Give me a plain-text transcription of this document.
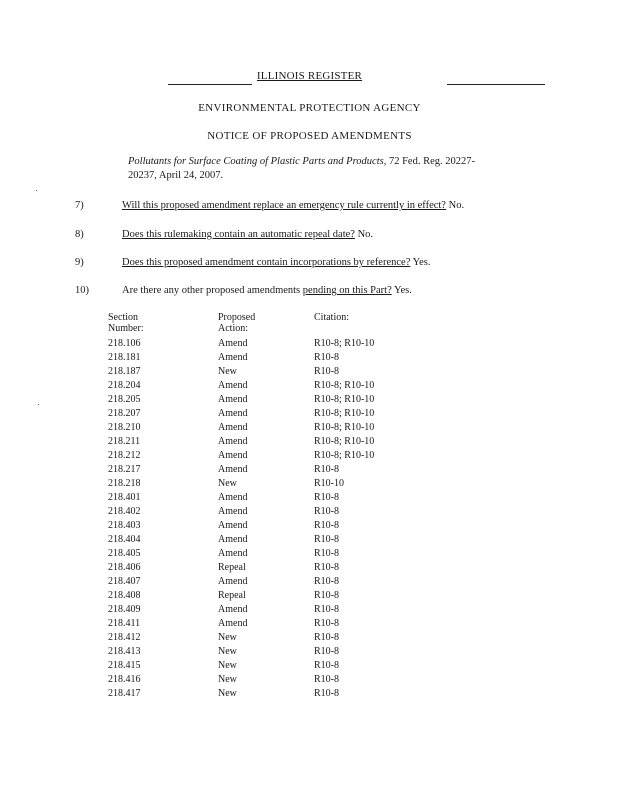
ILLINOIS REGISTER
ENVIRONMENTAL PROTECTION AGENCY
NOTICE OF PROPOSED AMENDMENTS
Pollutants for Surface Coating of Plastic Parts and Products, 72 Fed. Reg. 20227-
20237, April 24, 2007.
7)	Will this proposed amendment replace an emergency rule currently in effect? No.
8)	Does this rulemaking contain an automatic repeal date? No.
9)	Does this proposed amendment contain incorporations by reference? Yes.
10)	Are there any other proposed amendments pending on this Part? Yes.
Section Number:
Proposed Action:
Citation:
218.106	Amend	R10-8; R10-10
218.181	Amend	R10-8
218.187	New	R10-8
218.204	Amend	R10-8; R10-10
218.205	Amend	R10-8; R10-10
218.207	Amend	R10-8; R10-10
218.210	Amend	R10-8; R10-10
218.211	Amend	R10-8; R10-10
218.212	Amend	R10-8; R10-10
218.217	Amend	R10-8
218.218	New	R10-10
218.401	Amend	R10-8
218.402	Amend	R10-8
218.403	Amend	R10-8
218.404	Amend	R10-8
218.405	Amend	R10-8
218.406	Repeal	R10-8
218.407	Amend	R10-8
218.408	Repeal	R10-8
218.409	Amend	R10-8
218.411	Amend	R10-8
218.412	New	R10-8
218.413	New	R10-8
218.415	New	R10-8
218.416	New	R10-8
218.417	New	R10-8
